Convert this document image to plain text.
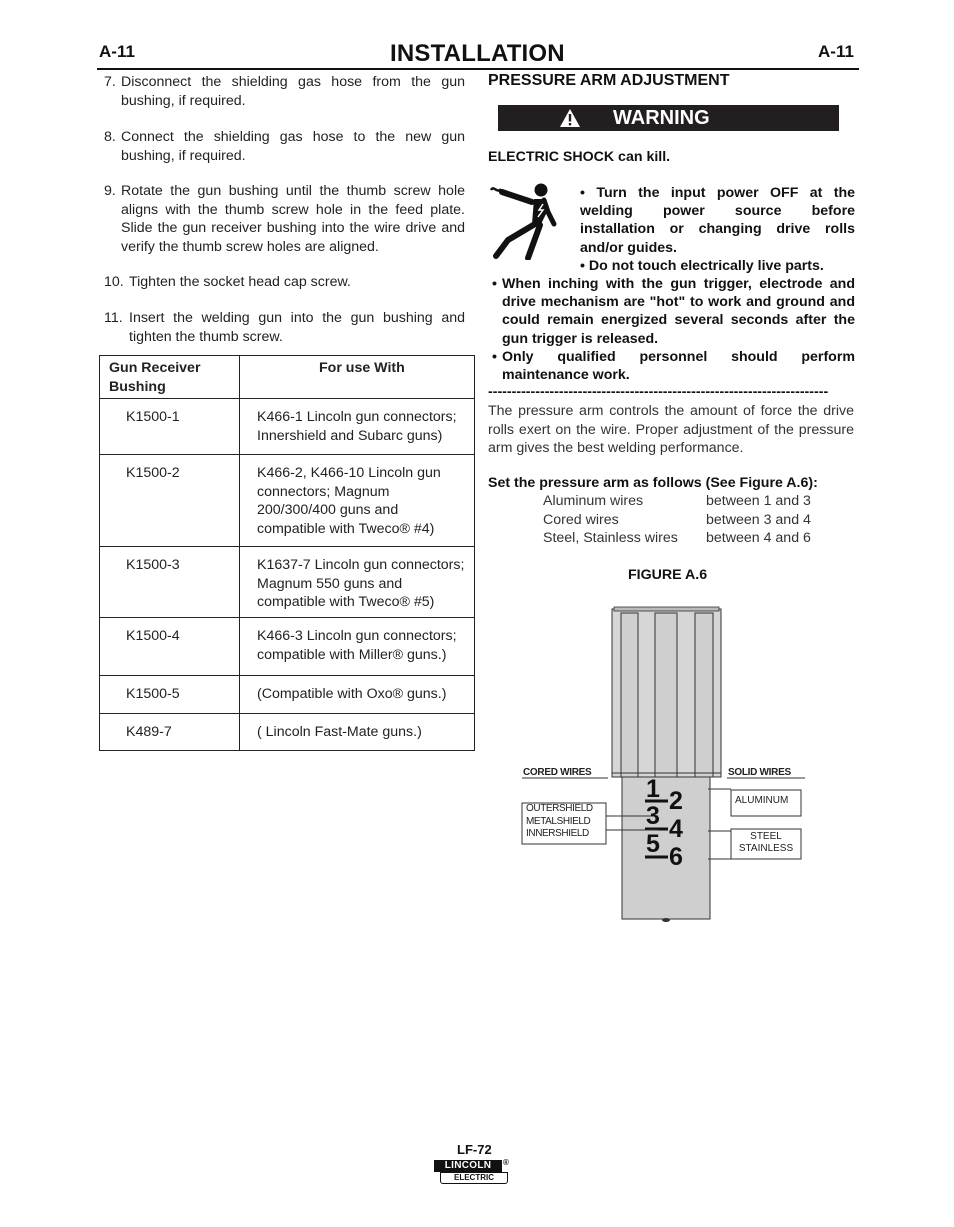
A-11	INSTALLATION	A-11
7. Disconnect the shielding gas hose from the gun bushing, if required.
8. Connect the shielding gas hose to the new gun bushing, if required.
9. Rotate the gun bushing until the thumb screw hole aligns with the thumb screw hole in the feed plate. Slide the gun receiver bushing into the wire drive and verify the thumb screw holes are aligned.
10. Tighten the socket head cap screw.
11. Insert the welding gun into the gun bushing and tighten the thumb screw.
Gun Receiver Bushing	For use With
K1500-1	K466-1 Lincoln gun connectors; Innershield and Subarc guns)
K1500-2	K466-2, K466-10 Lincoln gun connectors; Magnum 200/300/400 guns and compatible with Tweco® #4)
K1500-3	K1637-7 Lincoln gun connectors; Magnum 550 guns and compatible with Tweco® #5)
K1500-4	K466-3 Lincoln gun connectors; compatible with Miller® guns.)
K1500-5	(Compatible with Oxo® guns.)
K489-7	( Lincoln Fast-Mate guns.)
PRESSURE ARM ADJUSTMENT
WARNING
ELECTRIC SHOCK can kill.
• Turn the input power OFF at the welding power source before installation or changing drive rolls and/or guides.
• Do not touch electrically live parts.
• When inching with the gun trigger, electrode and drive mechanism are "hot" to work and ground and could remain energized several seconds after the gun trigger is released.
• Only qualified personnel should perform maintenance work.
------------------------------------------------------------------------
The pressure arm controls the amount of force the drive rolls exert on the wire. Proper adjustment of the pressure arm gives the best welding performance.
Set the pressure arm as follows (See Figure A.6):
Aluminum wires	between 1 and 3
Cored wires	between 3 and 4
Steel, Stainless wires between 4 and 6
FIGURE A.6
1 2
3 4
5 6
CORED WIRES	SOLID WIRES
OUTERSHIELD
METALSHIELD
INNERSHIELD
ALUMINUM
STEEL
STAINLESS
LF-72
LINCOLN	®
ELECTRIC
